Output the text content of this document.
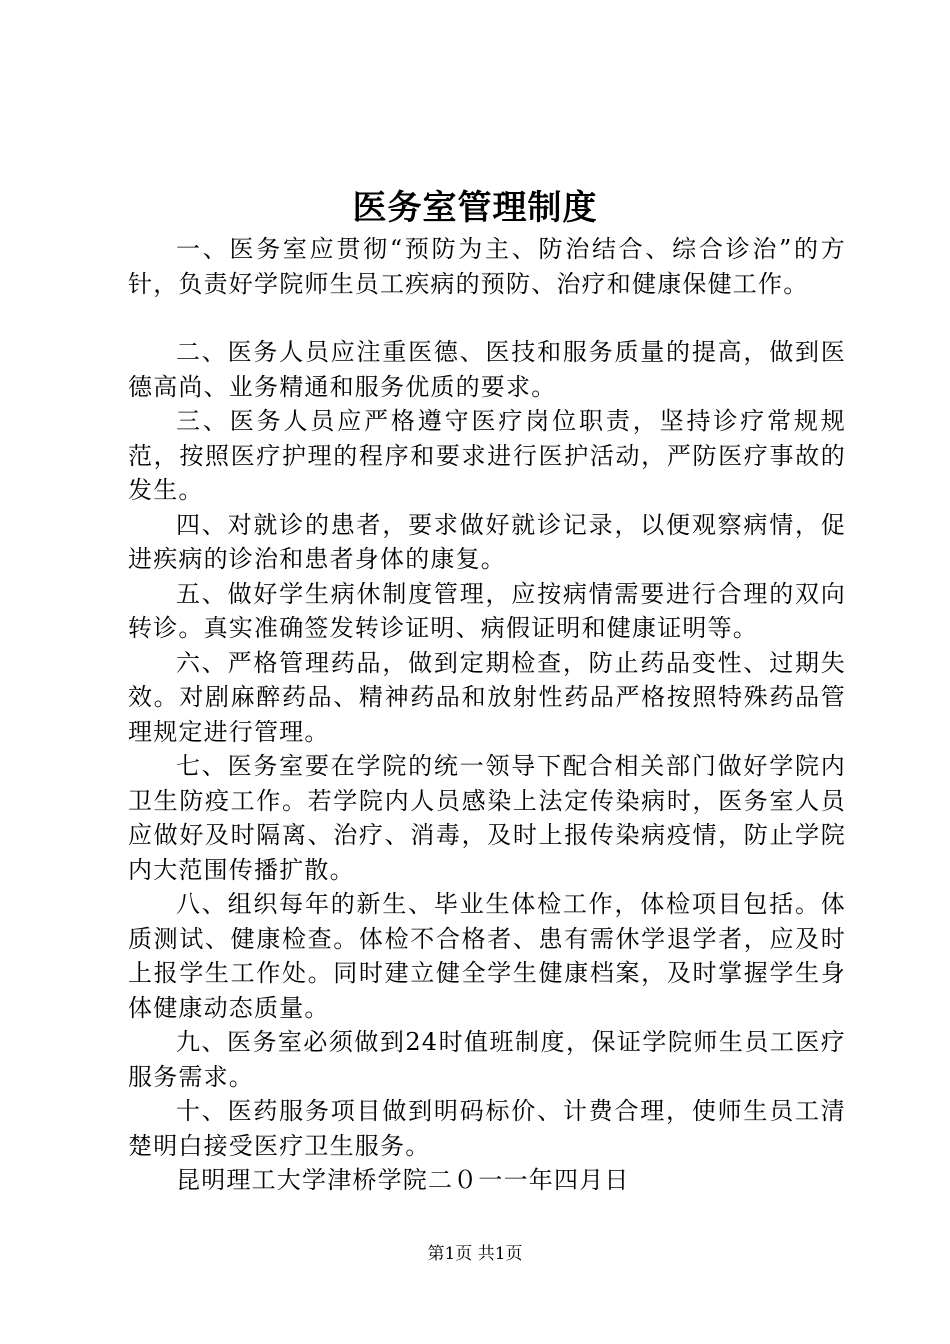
医务室管理制度

一、医务室应贯彻“预防为主、防治结合、综合诊治”的方针，负责好学院师生员工疾病的预防、治疗和健康保健工作。

二、医务人员应注重医德、医技和服务质量的提高，做到医德高尚、业务精通和服务优质的要求。

三、医务人员应严格遵守医疗岗位职责，坚持诊疗常规规范，按照医疗护理的程序和要求进行医护活动，严防医疗事故的发生。

四、对就诊的患者，要求做好就诊记录，以便观察病情，促进疾病的诊治和患者身体的康复。

五、做好学生病休制度管理，应按病情需要进行合理的双向转诊。真实准确签发转诊证明、病假证明和健康证明等。

六、严格管理药品，做到定期检查，防止药品变性、过期失效。对剧麻醉药品、精神药品和放射性药品严格按照特殊药品管理规定进行管理。

七、医务室要在学院的统一领导下配合相关部门做好学院内卫生防疫工作。若学院内人员感染上法定传染病时，医务室人员应做好及时隔离、治疗、消毒，及时上报传染病疫情，防止学院内大范围传播扩散。

八、组织每年的新生、毕业生体检工作，体检项目包括。体质测试、健康检查。体检不合格者、患有需休学退学者，应及时上报学生工作处。同时建立健全学生健康档案，及时掌握学生身体健康动态质量。

九、医务室必须做到24时值班制度，保证学院师生员工医疗服务需求。

十、医药服务项目做到明码标价、计费合理，使师生员工清楚明白接受医疗卫生服务。

昆明理工大学津桥学院二０一一年四月日

第1页 共1页
